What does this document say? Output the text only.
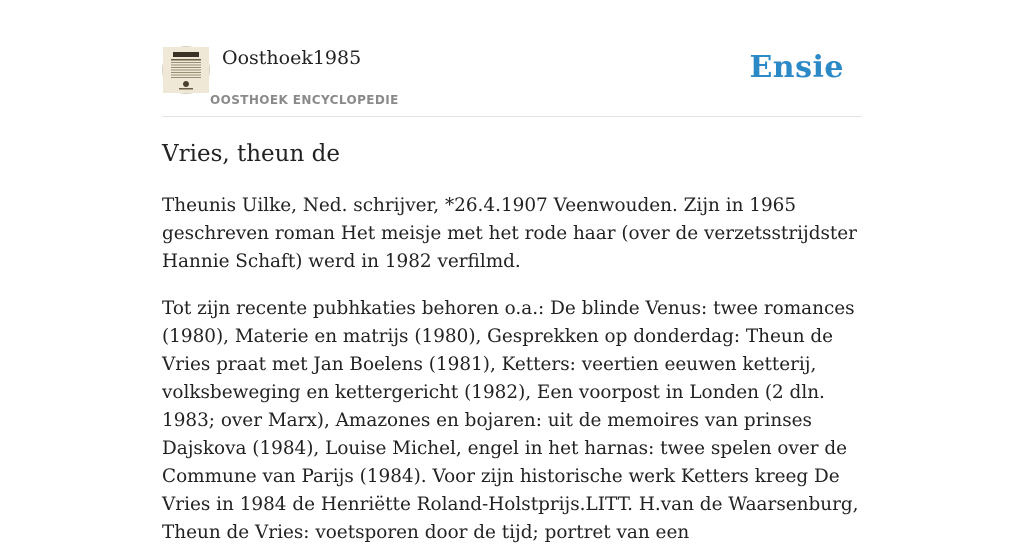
Oosthoek1985
OOSTHOEK ENCYCLOPEDIE
Ensie
Vries, theun de

Theunis Uilke, Ned. schrijver, *26.4.1907 Veenwouden. Zijn in 1965 geschreven roman Het meisje met het rode haar (over de verzetsstrijdster Hannie Schaft) werd in 1982 verfilmd.

Tot zijn recente pubhkaties behoren o.a.: De blinde Venus: twee romances (1980), Materie en matrijs (1980), Gesprekken op donderdag: Theun de Vries praat met Jan Boelens (1981), Ketters: veertien eeuwen ketterij, volksbeweging en kettergericht (1982), Een voorpost in Londen (2 dln. 1983; over Marx), Amazones en bojaren: uit de memoires van prinses Dajskova (1984), Louise Michel, engel in het harnas: twee spelen over de Commune van Parijs (1984). Voor zijn historische werk Ketters kreeg De Vries in 1984 de Henriëtte Roland-Holstprijs.LITT. H.van de Waarsenburg, Theun de Vries: voetsporen door de tijd; portret van een
